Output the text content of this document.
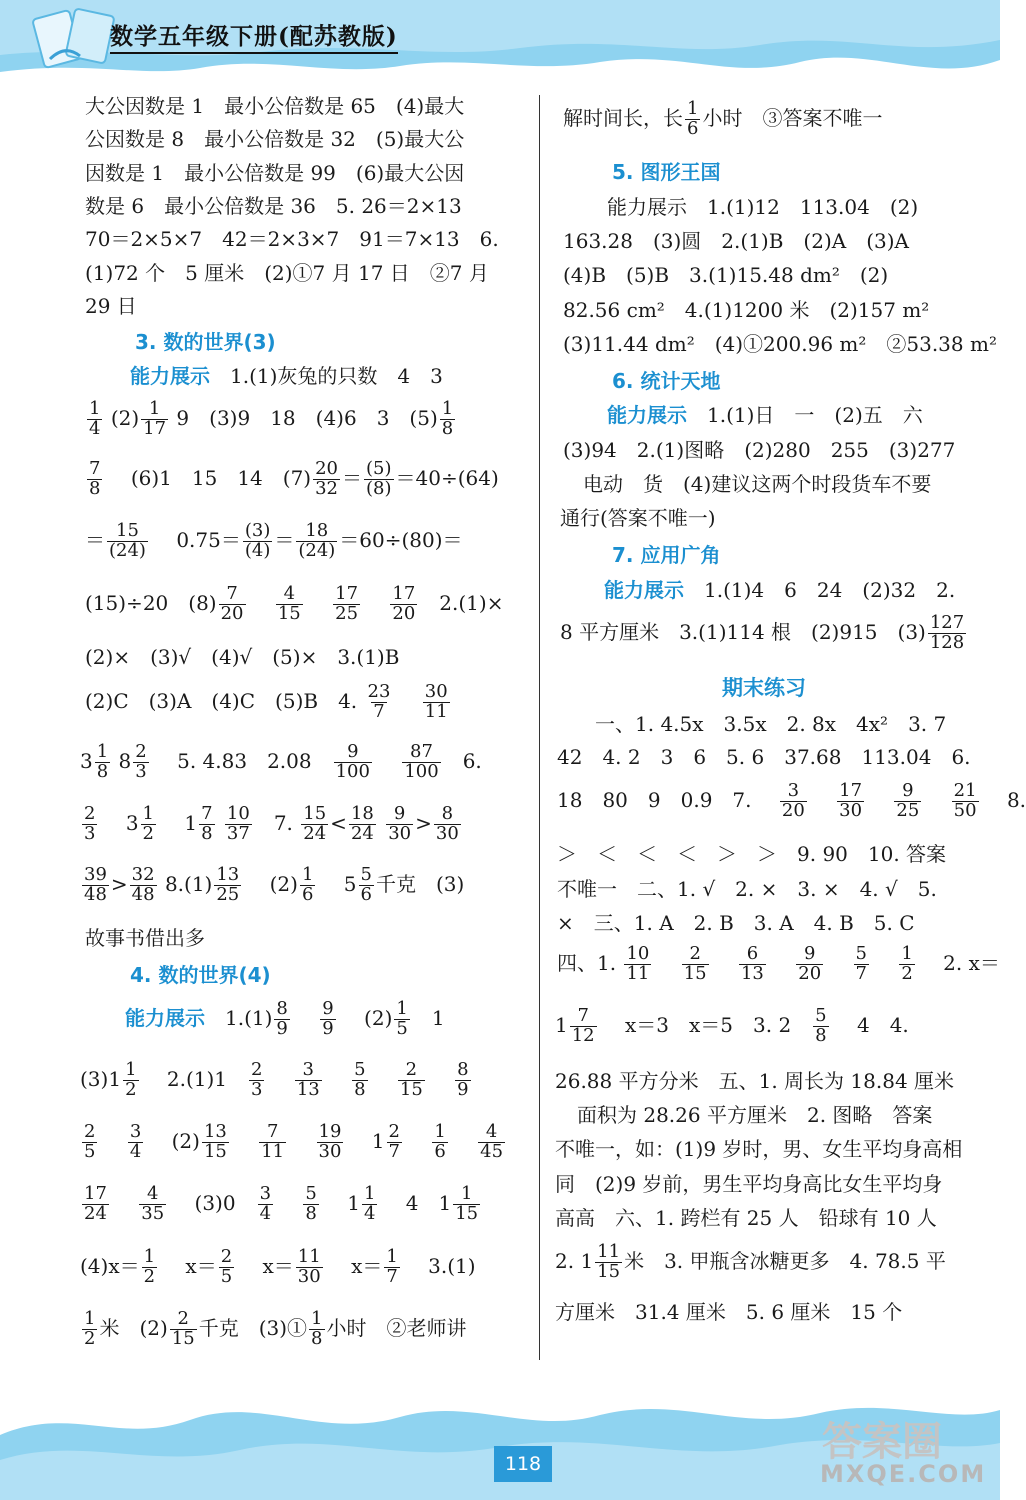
数学五年级下册(配苏教版)
大公因数是 1　最小公倍数是 65　(4)最大
公因数是 8　最小公倍数是 32　(5)最大公
因数是 1　最小公倍数是 99　(6)最大公因
数是 6　最小公倍数是 36　5. 26＝2×13
70＝2×5×7　42＝2×3×7　91＝7×13　6.
(1)72 个　5 厘米　(2)①7 月 17 日　②7 月
29 日
3. 数的世界(3)
能力展示　 1.(1)灰兔的只数　4　3
$\frac{1}{4} (2) \frac{1}{17} 9$　(3)9　18　(4)6　3　$(5) \frac{1}{8}$
$\frac{7}{8}$
　 (6)1　15　14　$(7) \frac{20}{32} = \frac{(5)}{(8)} =40\div(64)$
＝ $\frac{15}{(24)}$
　 $0.75= \frac{(3)}{(4)} = \frac{18}{(24)} =60\div(80)=$
(15)÷20　$(8) \frac{7}{20}$
　 $\frac{4}{15}$
　 $\frac{17}{25}$
　 $\frac{17}{20}$
　 2.(1)×
(2)×　(3)√　(4)√　(5)×　3.(1)B
(2)C　(3)A　(4)C　(5)B　4. $\frac{23}{7}$
　 $\frac{30}{11}$
$3 \frac{1}{8} 8 \frac{2}{3}$
　 5. 4.83　2.08　 $\frac{9}{100}$
　 $\frac{87}{100}$
　 6.
$\frac{2}{3}$
　 $3 \frac{1}{2}$
　 $1 \frac{7}{8}$
$\frac{10}{37}$
　 7. $\frac{15}{24} < \frac{18}{24}$
$\frac{9}{30} > \frac{8}{30}$
$\frac{39}{48} > \frac{32}{48} 8.(1) \frac{13}{25}$
　 $(2) \frac{1}{6}$
　 $5 \frac{5}{6}$ 千克　(3)
故事书借出多
4. 数的世界(4)
能力展示　 $1.(1) \frac{8}{9}$
　 $\frac{9}{9}$
　 $(2) \frac{1}{5}$
　 1
$(3)1 \frac{1}{2}$
　 2.(1)1　 $\frac{2}{3}$
　 $\frac{3}{13}$
　 $\frac{5}{8}$
　 $\frac{2}{15}$
　 $\frac{8}{9}$
$\frac{2}{5}$
　 $\frac{3}{4}$
　 $(2) \frac{13}{15}$
　 $\frac{7}{11}$
　 $\frac{19}{30}$
　 $1 \frac{2}{7}$
　 $\frac{1}{6}$
　 $\frac{4}{45}$
$\frac{17}{24}$
　 $\frac{4}{35}$
　 (3)0　 $\frac{3}{4}$
　 $\frac{5}{8}$
　 $1 \frac{1}{4}$
　 4　$1 \frac{1}{15}$
$(4)x= \frac{1}{2}$
　 $x= \frac{2}{5}$
　 $x= \frac{11}{30}$
　 $x= \frac{1}{7}$
　 3.(1)
$\frac{1}{2}$ 米　$(2) \frac{2}{15}$ 千克　(3)① $\frac{1}{8}$ 小时　②老师讲
解时间长，长 $\frac{1}{6}$ 小时　③答案不唯一
5. 图形王国
能力展示　 1.(1)12　113.04　(2)
163.28　(3)圆　2.(1)B　(2)A　(3)A
(4)B　(5)B　3.(1)15.48 dm²　(2)
82.56 cm²　4.(1)1200 米　(2)157 m²
(3)11.44 dm²　(4)①200.96 m²　②53.38 m²
6. 统计天地
能力展示　 1.(1)日　一　(2)五　六
(3)94　2.(1)图略　(2)280　255　(3)277
电动　货　(4)建议这两个时段货车不要
通行(答案不唯一)
7. 应用广角
能力展示　 1.(1)4　6　24　(2)32　2.
8 平方厘米　3.(1)114 根　(2)915　$(3) \frac{127}{128}$
期末练习
一、1. 4.5x　3.5x　2. 8x　4x²　3. 7
42　4. 2　3　6　5. 6　37.68　113.04　6.
18　80　9　0.9　7.　 $\frac{3}{20}$
　 $\frac{17}{30}$
　 $\frac{9}{25}$
　 $\frac{21}{50}$
　 8.
＞　＜　＜　＜　＞　＞　9. 90　10. 答案
不唯一　二、1. √　2. ×　3. ×　4. √　5.
×　三、1. A　2. B　3. A　4. B　5. C
四、1. $\frac{10}{11}$
　 $\frac{2}{15}$
　 $\frac{6}{13}$
　 $\frac{9}{20}$
　 $\frac{5}{7}$
　 $\frac{1}{2}$
　 2. x＝
$1 \frac{7}{12}$
　 x＝3　x＝5　3. 2　 $\frac{5}{8}$
　 4　4.
26.88 平方分米　五、1. 周长为 18.84 厘米
面积为 28.26 平方厘米　2. 图略　答案
不唯一，如：(1)9 岁时，男、女生平均身高相
同　(2)9 岁前，男生平均身高比女生平均身
高高　六、1. 跨栏有 25 人　铅球有 10 人
2. $1 \frac{11}{15}$ 米　3. 甲瓶含冰糖更多　4. 78.5 平
方厘米　31.4 厘米　5. 6 厘米　15 个
118	答案圈
MXQE.COM
